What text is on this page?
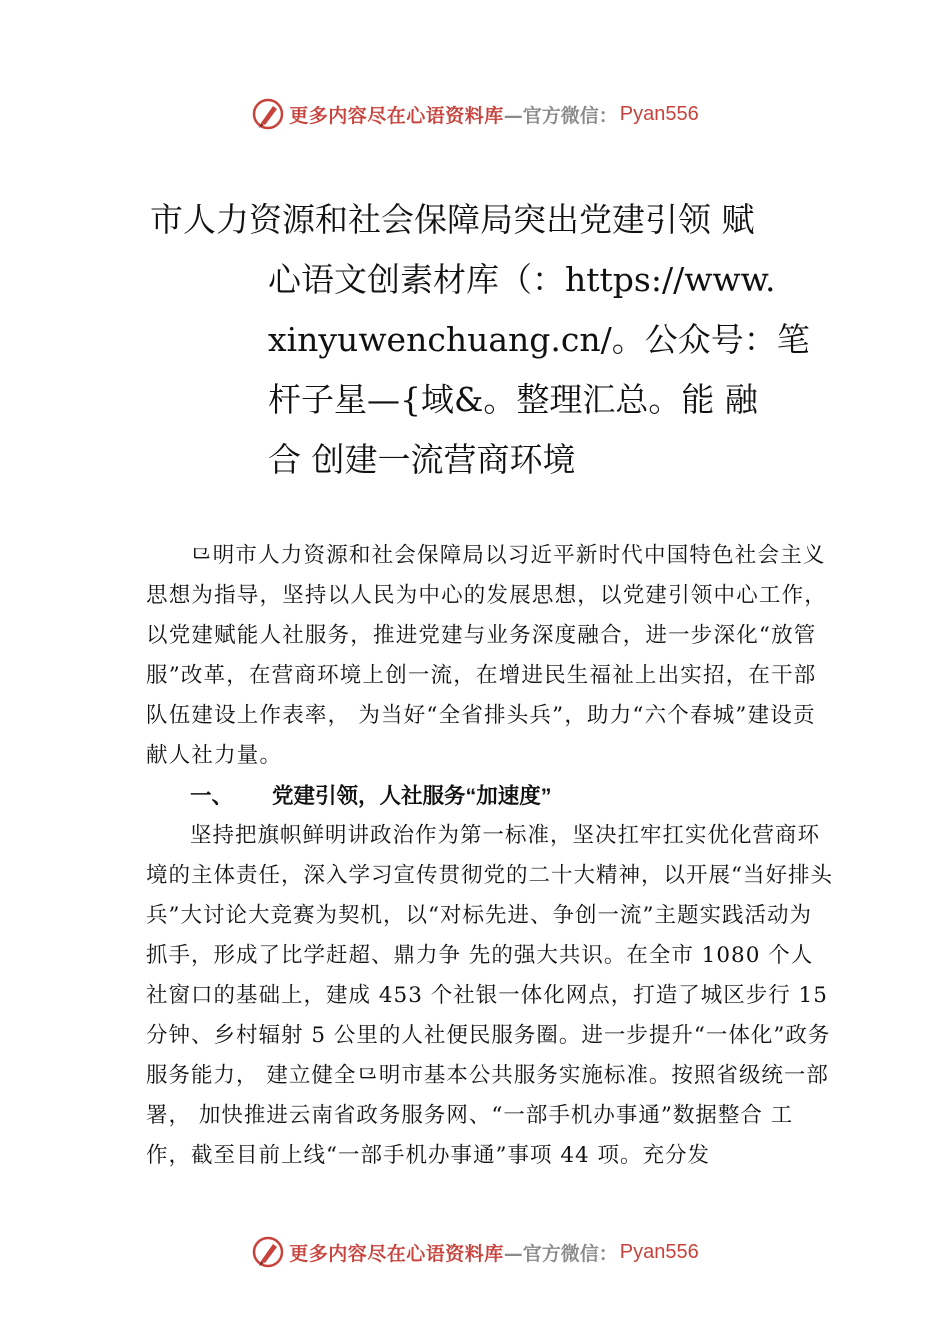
更多内容尽在心语资料库 —官方微信： Pyan556
市人力资源和社会保障局突出党建引领 赋
心语文创素材库（：https://www.
xinyuwenchuang.cn/。公众号：笔
杆子星—{域&。整理汇总。能 融
合 创建一流营商环境

⺋明市人力资源和社会保障局以习近平新时代中国特色社会主义思想为指导，坚持以人民为中心的发展思想，以党建引领中心工作，以党建赋能人社服务，推进党建与业务深度融合，进一步深化“放管服”改革，在营商环境上创一流，在增进民生福祉上出实招，在干部队伍建设上作表率， 为当好“全省排头兵”，助力“六个春城”建设贡献人社力量。

一、 党建引领，人社服务“加速度”

坚持把旗帜鲜明讲政治作为第一标准，坚决扛牢扛实优化营商环境的主体责任，深入学习宣传贯彻党的二十大精神，以开展“当好排头兵”大讨论大竞赛为契机，以“对标先进、争创一流”主题实践活动为抓手，形成了比学赶超、鼎力争 先的强大共识。在全市 1080 个人社窗口的基础上，建成 453 个社银一体化网点，打造了城区步行 15 分钟、乡村辐射 5 公里的人社便民服务圈。进一步提升“一体化”政务服务能力， 建立健全⺋明市基本公共服务实施标准。按照省级统一部署， 加快推进云南省政务服务网、“一部手机办事通”数据整合 工作，截至目前上线“一部手机办事通”事项 44 项。充分发

更多内容尽在心语资料库 —官方微信： Pyan556
